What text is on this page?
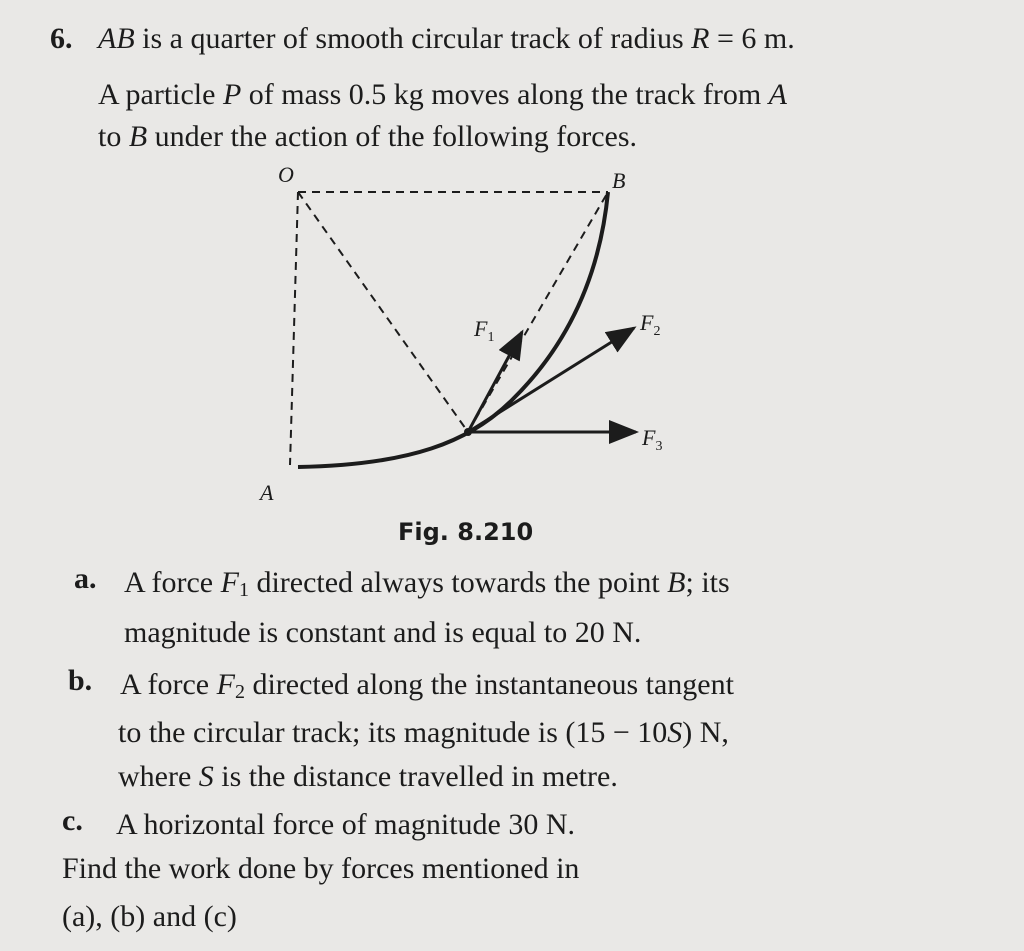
6. AB is a quarter of smooth circular track of radius R = 6 m.
A particle P of mass 0.5 kg moves along the track from A
to B under the action of the following forces.
O	B
A
$F_1$
$F_2$
$F_3$
Fig. 8.210
a. A force $F_1$ directed always towards the point B; its
magnitude is constant and is equal to 20 N.
b. A force $F_2$ directed along the instantaneous tangent
to the circular track; its magnitude is (15 − 10S) N,
where S is the distance travelled in metre.
c. A horizontal force of magnitude 30 N.
Find the work done by forces mentioned in
(a), (b) and (c)
